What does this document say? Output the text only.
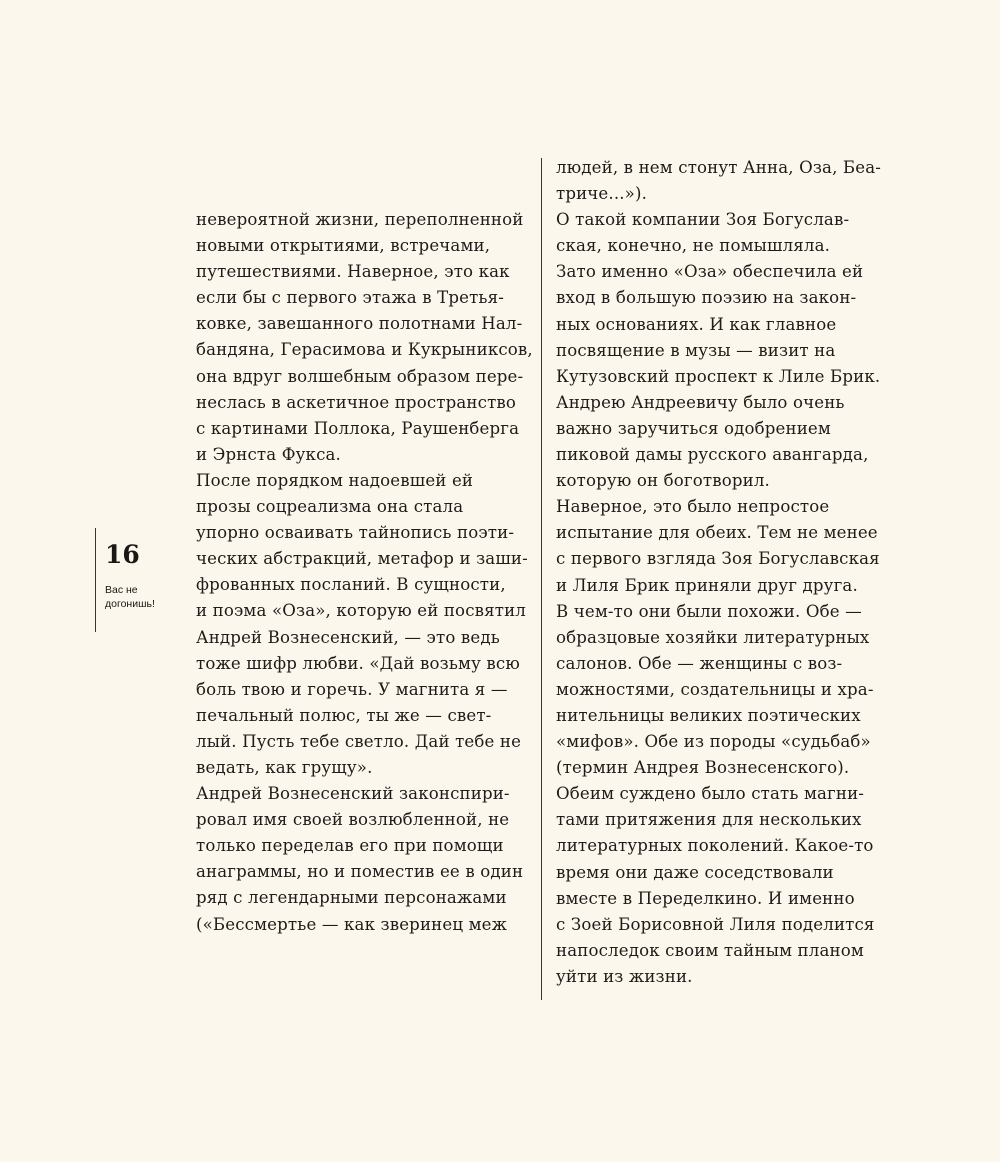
16
Вас не
догонишь!
невероятной жизни, переполненной
новыми открытиями, встречами,
путешествиями. Наверное, это как
если бы с первого этажа в Третья-
ковке, завешанного полотнами Нал-
бандяна, Герасимова и Кукрыниксов,
она вдруг волшебным образом пере-
неслась в аскетичное пространство
с картинами Поллока, Раушенберга
и Эрнста Фукса.
После порядком надоевшей ей
прозы соцреализма она стала
упорно осваивать тайнопись поэти-
ческих абстракций, метафор и заши-
фрованных посланий. В сущности,
и поэма «Оза», которую ей посвятил
Андрей Вознесенский, — это ведь
тоже шифр любви. «Дай возьму всю
боль твою и горечь. У магнита я —
печальный полюс, ты же — свет-
лый. Пусть тебе светло. Дай тебе не
ведать, как грущу».
Андрей Вознесенский законспири-
ровал имя своей возлюбленной, не
только переделав его при помощи
анаграммы, но и поместив ее в один
ряд с легендарными персонажами
(«Бессмертье — как зверинец меж
людей, в нем стонут Анна, Оза, Беа-
триче...»).
О такой компании Зоя Богуслав-
ская, конечно, не помышляла.
Зато именно «Оза» обеспечила ей
вход в большую поэзию на закон-
ных основаниях. И как главное
посвящение в музы — визит на
Кутузовский проспект к Лиле Брик.
Андрею Андреевичу было очень
важно заручиться одобрением
пиковой дамы русского авангарда,
которую он боготворил.
Наверное, это было непростое
испытание для обеих. Тем не менее
с первого взгляда Зоя Богуславская
и Лиля Брик приняли друг друга.
В чем-то они были похожи. Обе —
образцовые хозяйки литературных
салонов. Обе — женщины с воз-
можностями, создательницы и хра-
нительницы великих поэтических
«мифов». Обе из породы «судьбаб»
(термин Андрея Вознесенского).
Обеим суждено было стать магни-
тами притяжения для нескольких
литературных поколений. Какое-то
время они даже соседствовали
вместе в Переделкино. И именно
с Зоей Борисовной Лиля поделится
напоследок своим тайным планом
уйти из жизни.
